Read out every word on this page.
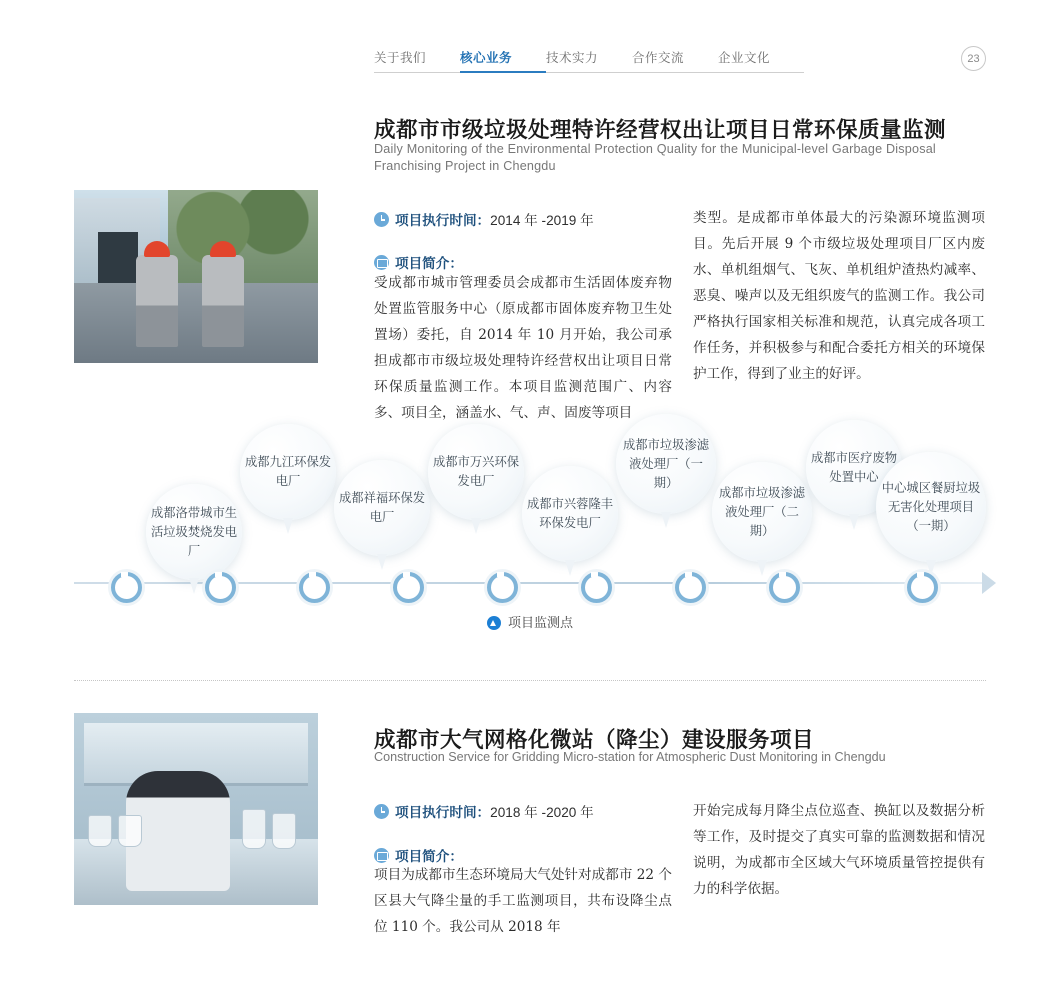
关于我们	核心业务	技术实力	合作交流	企业文化	23
成都市市级垃圾处理特许经营权出让项目日常环保质量监测
Daily Monitoring of the Environmental Protection Quality for the Municipal-level Garbage Disposal Franchising Project in Chengdu
项目执行时间：2014 年 -2019 年
项目简介：
受成都市城市管理委员会成都市生活固体废弃物处置监管服务中心（原成都市固体废弃物卫生处置场）委托，自 2014 年 10 月开始，我公司承担成都市市级垃圾处理特许经营权出让项目日常环保质量监测工作。本项目监测范围广、内容多、项目全，涵盖水、气、声、固废等项目
类型。是成都市单体最大的污染源环境监测项目。先后开展 9 个市级垃圾处理项目厂区内废水、单机组烟气、飞灰、单机组炉渣热灼减率、恶臭、噪声以及无组织废气的监测工作。我公司严格执行国家相关标准和规范，认真完成各项工作任务，并积极参与和配合委托方相关的环境保护工作，得到了业主的好评。
成都洛带城市生活垃圾焚烧发电厂
成都九江环保发电厂
成都祥福环保发电厂
成都市万兴环保发电厂
成都市兴蓉隆丰环保发电厂
成都市垃圾渗滤液处理厂（一期）
成都市垃圾渗滤液处理厂（二期）
成都市医疗废物处置中心
中心城区餐厨垃圾无害化处理项目（一期）
项目监测点
成都市大气网格化微站（降尘）建设服务项目
Construction Service for Gridding Micro-station for Atmospheric Dust Monitoring in Chengdu
项目执行时间：2018 年 -2020 年
项目简介：
项目为成都市生态环境局大气处针对成都市 22 个区县大气降尘量的手工监测项目，共布设降尘点位 110 个。我公司从 2018 年
开始完成每月降尘点位巡查、换缸以及数据分析等工作，及时提交了真实可靠的监测数据和情况说明，为成都市全区域大气环境质量管控提供有力的科学依据。
